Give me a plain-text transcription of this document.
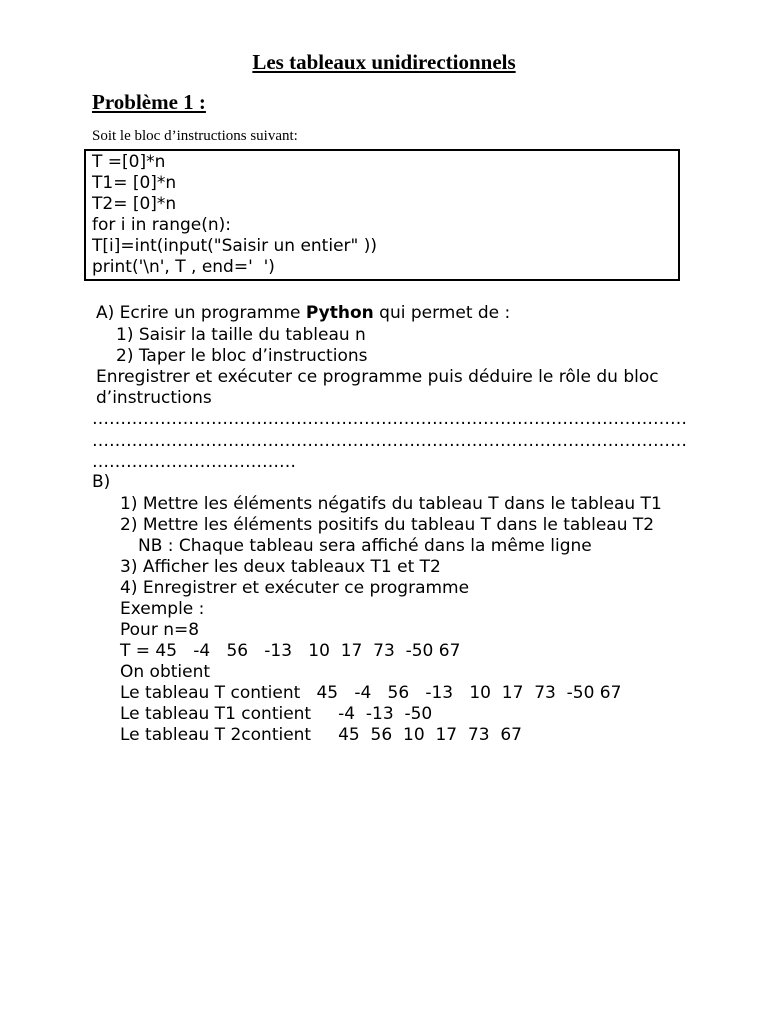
Les tableaux unidirectionnels
Problème 1 :
Soit le bloc d’instructions suivant:
T =[0]*n
T1= [0]*n
T2= [0]*n
for i in range(n):
T[i]=int(input("Saisir un entier" ))
print('\n', T , end='  ')
A) Ecrire un programme Python qui permet de :
1) Saisir la taille du tableau n
2) Taper le bloc d’instructions
Enregistrer et exécuter ce programme puis déduire le rôle du bloc
d’instructions
……………………………………………………………………………………………
……………………………………………………………………………………………
………………………………
B)
1) Mettre les éléments négatifs du tableau T dans le tableau T1
2) Mettre les éléments positifs du tableau T dans le tableau T2
NB : Chaque tableau sera affiché dans la même ligne
3) Afficher les deux tableaux T1 et T2
4) Enregistrer et exécuter ce programme
Exemple :
Pour n=8
T = 45   -4   56   -13   10  17  73  -50 67
On obtient
Le tableau T contient   45   -4   56   -13   10  17  73  -50 67
Le tableau T1 contient     -4  -13  -50
Le tableau T 2contient     45  56  10  17  73  67
